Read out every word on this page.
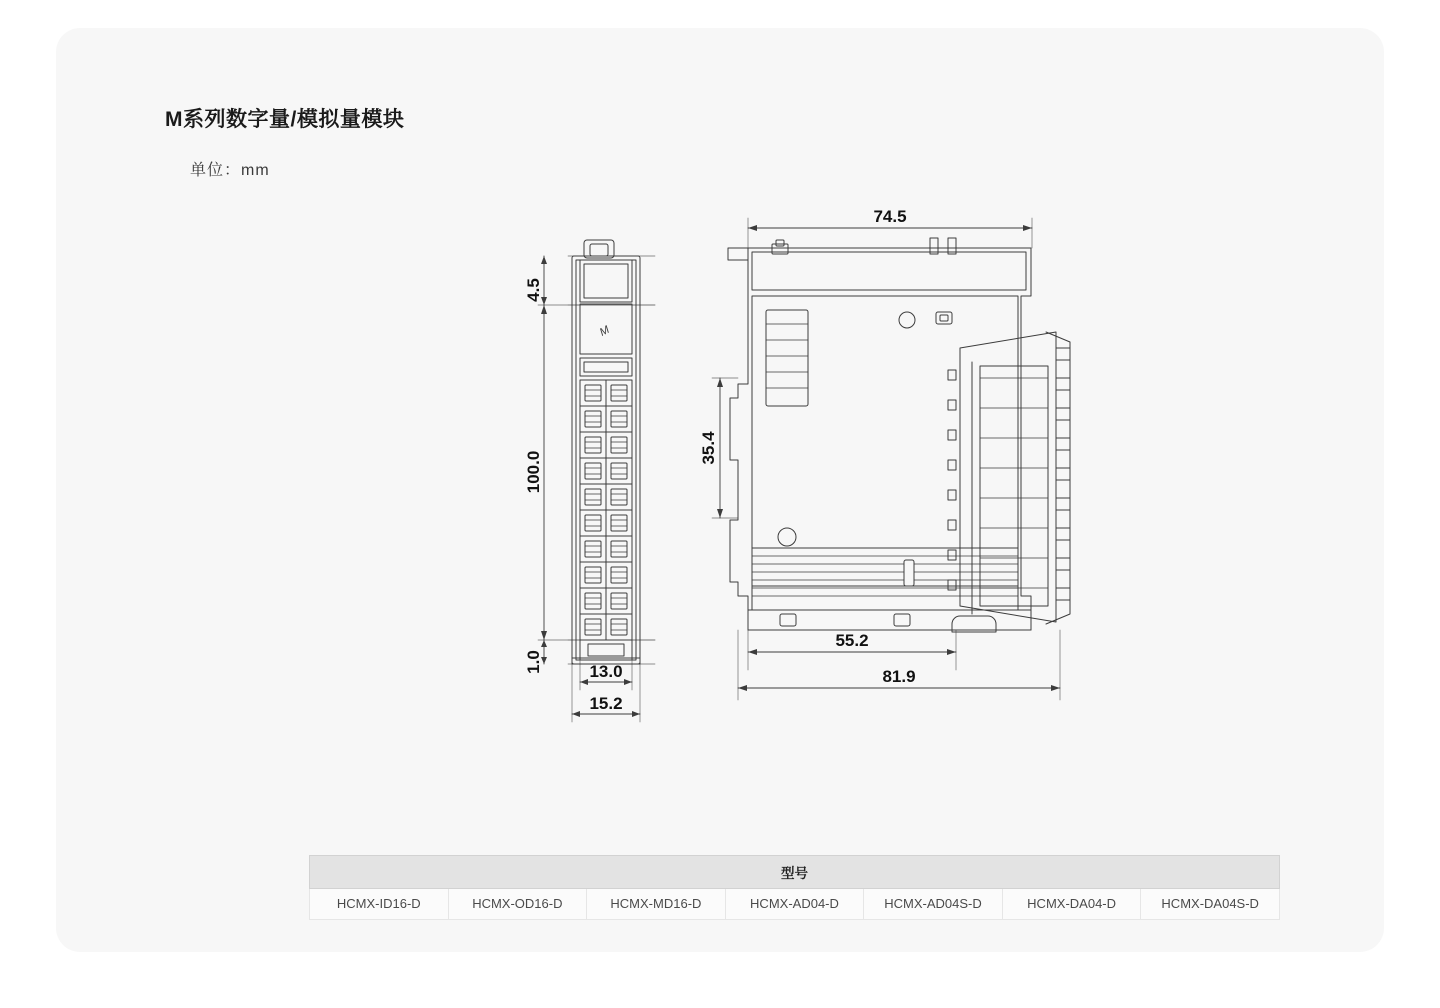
M系列数字量/模拟量模块
单位：mm
M
4.5
100.0
1.0	13.0
15.2
74.5
35.4
55.2
81.9
型号
HCMX-ID16-D	HCMX-OD16-D	HCMX-MD16-D	HCMX-AD04-D	HCMX-AD04S-D	HCMX-DA04-D	HCMX-DA04S-D
